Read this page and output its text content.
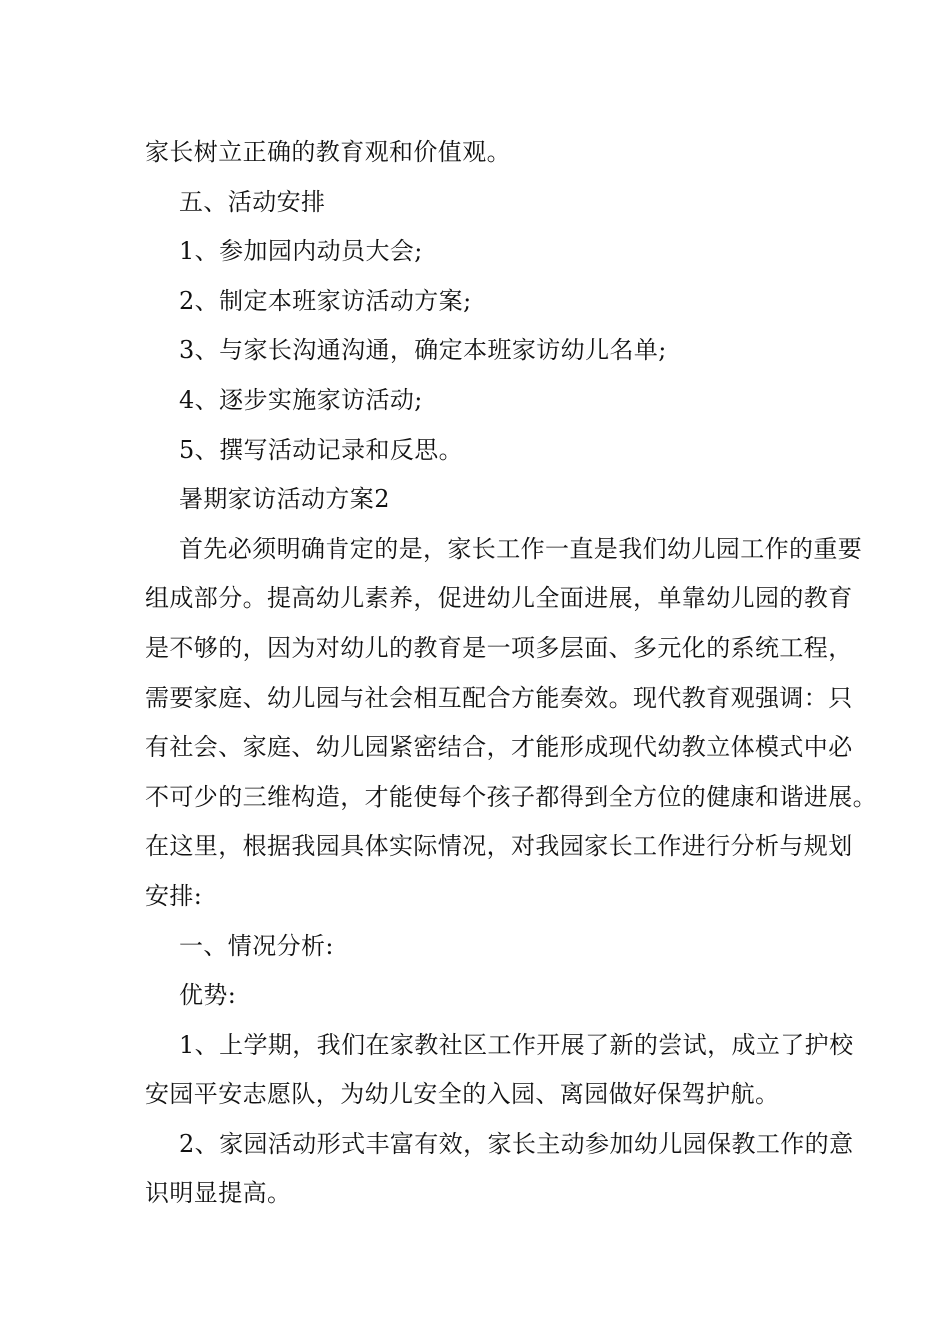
家长树立正确的教育观和价值观。
五、活动安排
1、参加园内动员大会;
2、制定本班家访活动方案;
3、与家长沟通沟通，确定本班家访幼儿名单;
4、逐步实施家访活动;
5、撰写活动记录和反思。
暑期家访活动方案2
首先必须明确肯定的是，家长工作一直是我们幼儿园工作的重要
组成部分。提高幼儿素养，促进幼儿全面进展，单靠幼儿园的教育
是不够的，因为对幼儿的教育是一项多层面、多元化的系统工程，
需要家庭、幼儿园与社会相互配合方能奏效。现代教育观强调：只
有社会、家庭、幼儿园紧密结合，才能形成现代幼教立体模式中必
不可少的三维构造，才能使每个孩子都得到全方位的健康和谐进展。
在这里，根据我园具体实际情况，对我园家长工作进行分析与规划
安排:
一、情况分析:
优势:
1、上学期，我们在家教社区工作开展了新的尝试，成立了护校
安园平安志愿队，为幼儿安全的入园、离园做好保驾护航。
2、家园活动形式丰富有效，家长主动参加幼儿园保教工作的意
识明显提高。
